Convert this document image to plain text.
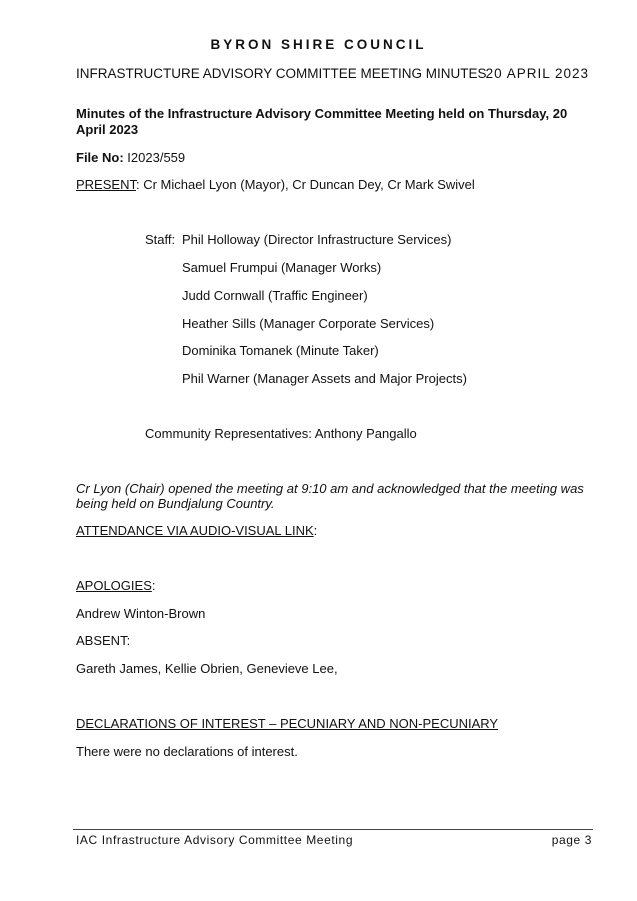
BYRON SHIRE COUNCIL
INFRASTRUCTURE ADVISORY COMMITTEE MEETING MINUTES 20 APRIL 2023
Minutes of the Infrastructure Advisory Committee Meeting held on Thursday, 20 April 2023
File No: I2023/559
PRESENT: Cr Michael Lyon (Mayor), Cr Duncan Dey, Cr Mark Swivel
Staff: Phil Holloway (Director Infrastructure Services)
Samuel Frumpui (Manager Works)
Judd Cornwall (Traffic Engineer)
Heather Sills (Manager Corporate Services)
Dominika Tomanek (Minute Taker)
Phil Warner (Manager Assets and Major Projects)
Community Representatives: Anthony Pangallo
Cr Lyon (Chair) opened the meeting at 9:10 am and acknowledged that the meeting was being held on Bundjalung Country.
ATTENDANCE VIA AUDIO-VISUAL LINK:
APOLOGIES:
Andrew Winton-Brown
ABSENT:
Gareth James, Kellie Obrien, Genevieve Lee,
DECLARATIONS OF INTEREST – PECUNIARY AND NON-PECUNIARY
There were no declarations of interest.
IAC Infrastructure Advisory Committee Meeting	page 3
